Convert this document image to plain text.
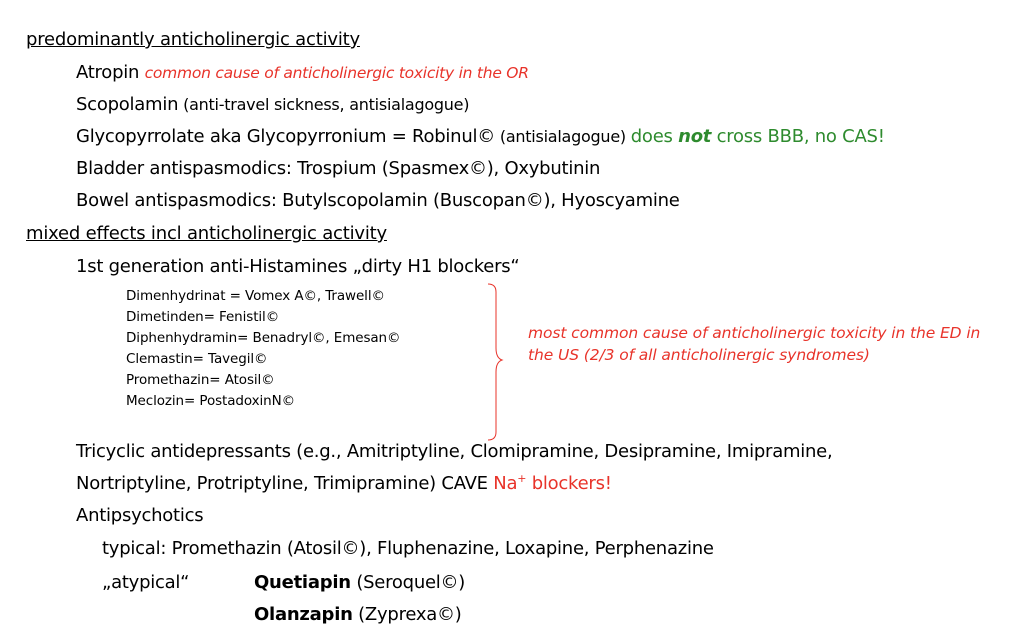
predominantly anticholinergic activity
Atropin common cause of anticholinergic toxicity in the OR
Scopolamin (anti-travel sickness, antisialagogue)
Glycopyrrolate aka Glycopyrronium = Robinul© (antisialagogue) does not cross BBB, no CAS!
Bladder antispasmodics: Trospium (Spasmex©), Oxybutinin
Bowel antispasmodics: Butylscopolamin (Buscopan©), Hyoscyamine
mixed effects incl anticholinergic activity
1st generation anti-Histamines „dirty H1 blockers“
Dimenhydrinat = Vomex A©, Trawell©
Dimetinden= Fenistil©
Diphenhydramin= Benadryl©, Emesan©
Clemastin= Tavegil©
Promethazin= Atosil©
Meclozin= PostadoxinN©
most common cause of anticholinergic toxicity in the ED in the US (2/3 of all anticholinergic syndromes)
Tricyclic antidepressants (e.g., Amitriptyline, Clomipramine, Desipramine, Imipramine,
Nortriptyline, Protriptyline, Trimipramine) CAVE Na+ blockers!
Antipsychotics
typical: Promethazin (Atosil©), Fluphenazine, Loxapine, Perphenazine
„atypical“	Quetiapin (Seroquel©)
Olanzapin (Zyprexa©)
